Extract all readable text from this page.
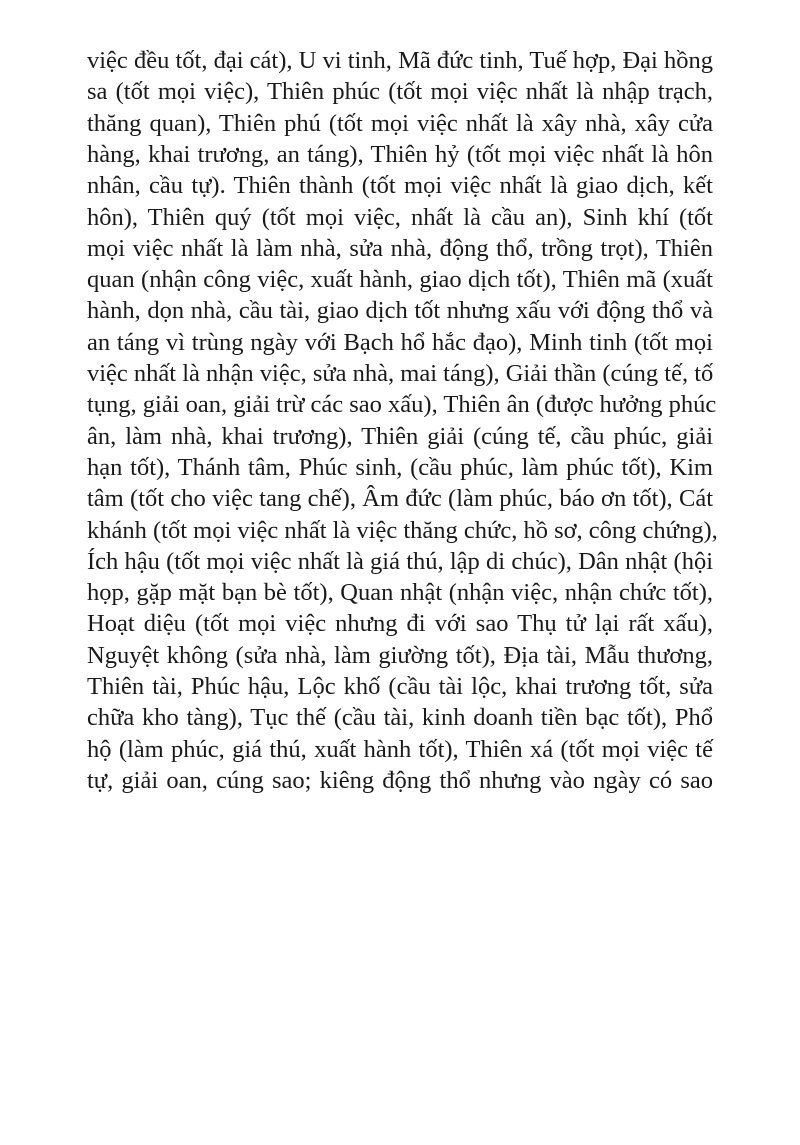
việc đều tốt, đại cát), U vi tinh, Mã đức tinh, Tuế hợp, Đại hồng
sa (tốt mọi việc), Thiên phúc (tốt mọi việc nhất là nhập trạch,
thăng quan), Thiên phú (tốt mọi việc nhất là xây nhà, xây cửa
hàng, khai trương, an táng), Thiên hỷ (tốt mọi việc nhất là hôn
nhân, cầu tự). Thiên thành (tốt mọi việc nhất là giao dịch, kết
hôn), Thiên quý (tốt mọi việc, nhất là cầu an), Sinh khí (tốt
mọi việc nhất là làm nhà, sửa nhà, động thổ, trồng trọt), Thiên
quan (nhận công việc, xuất hành, giao dịch tốt), Thiên mã (xuất
hành, dọn nhà, cầu tài, giao dịch tốt nhưng xấu với động thổ và
an táng vì trùng ngày với Bạch hổ hắc đạo), Minh tinh (tốt mọi
việc nhất là nhận việc, sửa nhà, mai táng), Giải thần (cúng tế, tố
tụng, giải oan, giải trừ các sao xấu), Thiên ân (được hưởng phúc
ân, làm nhà, khai trương), Thiên giải (cúng tế, cầu phúc, giải
hạn tốt), Thánh tâm, Phúc sinh, (cầu phúc, làm phúc tốt), Kim
tâm (tốt cho việc tang chế), Âm đức (làm phúc, báo ơn tốt), Cát
khánh (tốt mọi việc nhất là việc thăng chức, hồ sơ, công chứng),
Ích hậu (tốt mọi việc nhất là giá thú, lập di chúc), Dân nhật (hội
họp, gặp mặt bạn bè tốt), Quan nhật (nhận việc, nhận chức tốt),
Hoạt diệu (tốt mọi việc nhưng đi với sao Thụ tử lại rất xấu),
Nguyệt không (sửa nhà, làm giường tốt), Địa tài, Mẫu thương,
Thiên tài, Phúc hậu, Lộc khố (cầu tài lộc, khai trương tốt, sửa
chữa kho tàng), Tục thế (cầu tài, kinh doanh tiền bạc tốt), Phổ
hộ (làm phúc, giá thú, xuất hành tốt), Thiên xá (tốt mọi việc tế
tự, giải oan, cúng sao; kiêng động thổ nhưng vào ngày có sao
